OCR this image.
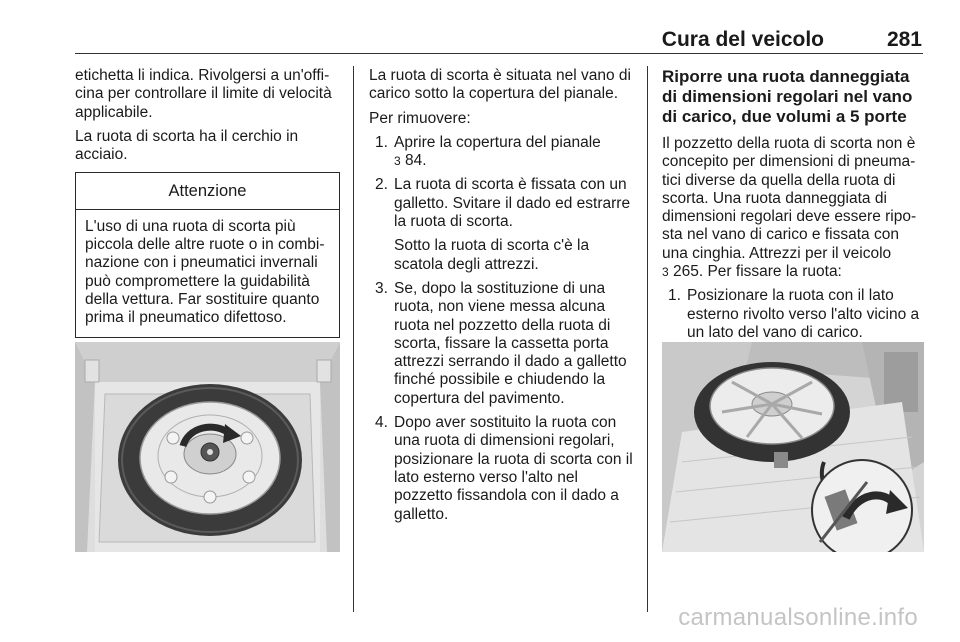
Cura del veicolo	281

etichetta li indica. Rivolgersi a un'offi-cina per controllare il limite di velocità applicabile.

La ruota di scorta ha il cerchio in acciaio.

Attenzione
L'uso di una ruota di scorta più piccola delle altre ruote o in combi-nazione con i pneumatici invernali può compromettere la guidabilità della vettura. Far sostituire quanto prima il pneumatico difettoso.

La ruota di scorta è situata nel vano di carico sotto la copertura del pianale.

Per rimuovere:

1. Aprire la copertura del pianale
3 84.
2. La ruota di scorta è fissata con un galletto. Svitare il dado ed estrarre la ruota di scorta.

Sotto la ruota di scorta c'è la scatola degli attrezzi.

3. Se, dopo la sostituzione di una ruota, non viene messa alcuna ruota nel pozzetto della ruota di scorta, fissare la cassetta porta attrezzi serrando il dado a galletto finché possibile e chiudendo la copertura del pavimento.
4. Dopo aver sostituito la ruota con una ruota di dimensioni regolari, posizionare la ruota di scorta con il lato esterno verso l'alto nel pozzetto fissandola con il dado a galletto.
Riporre una ruota danneggiata di dimensioni regolari nel vano di carico, due volumi a 5 porte

Il pozzetto della ruota di scorta non è concepito per dimensioni di pneuma-tici diverse da quella della ruota di scorta. Una ruota danneggiata di dimensioni regolari deve essere ripo-sta nel vano di carico e fissata con una cinghia. Attrezzi per il veicolo
3 265. Per fissare la ruota:

1. Posizionare la ruota con il lato esterno rivolto verso l'alto vicino a un lato del vano di carico.
carmanualsonline.info
